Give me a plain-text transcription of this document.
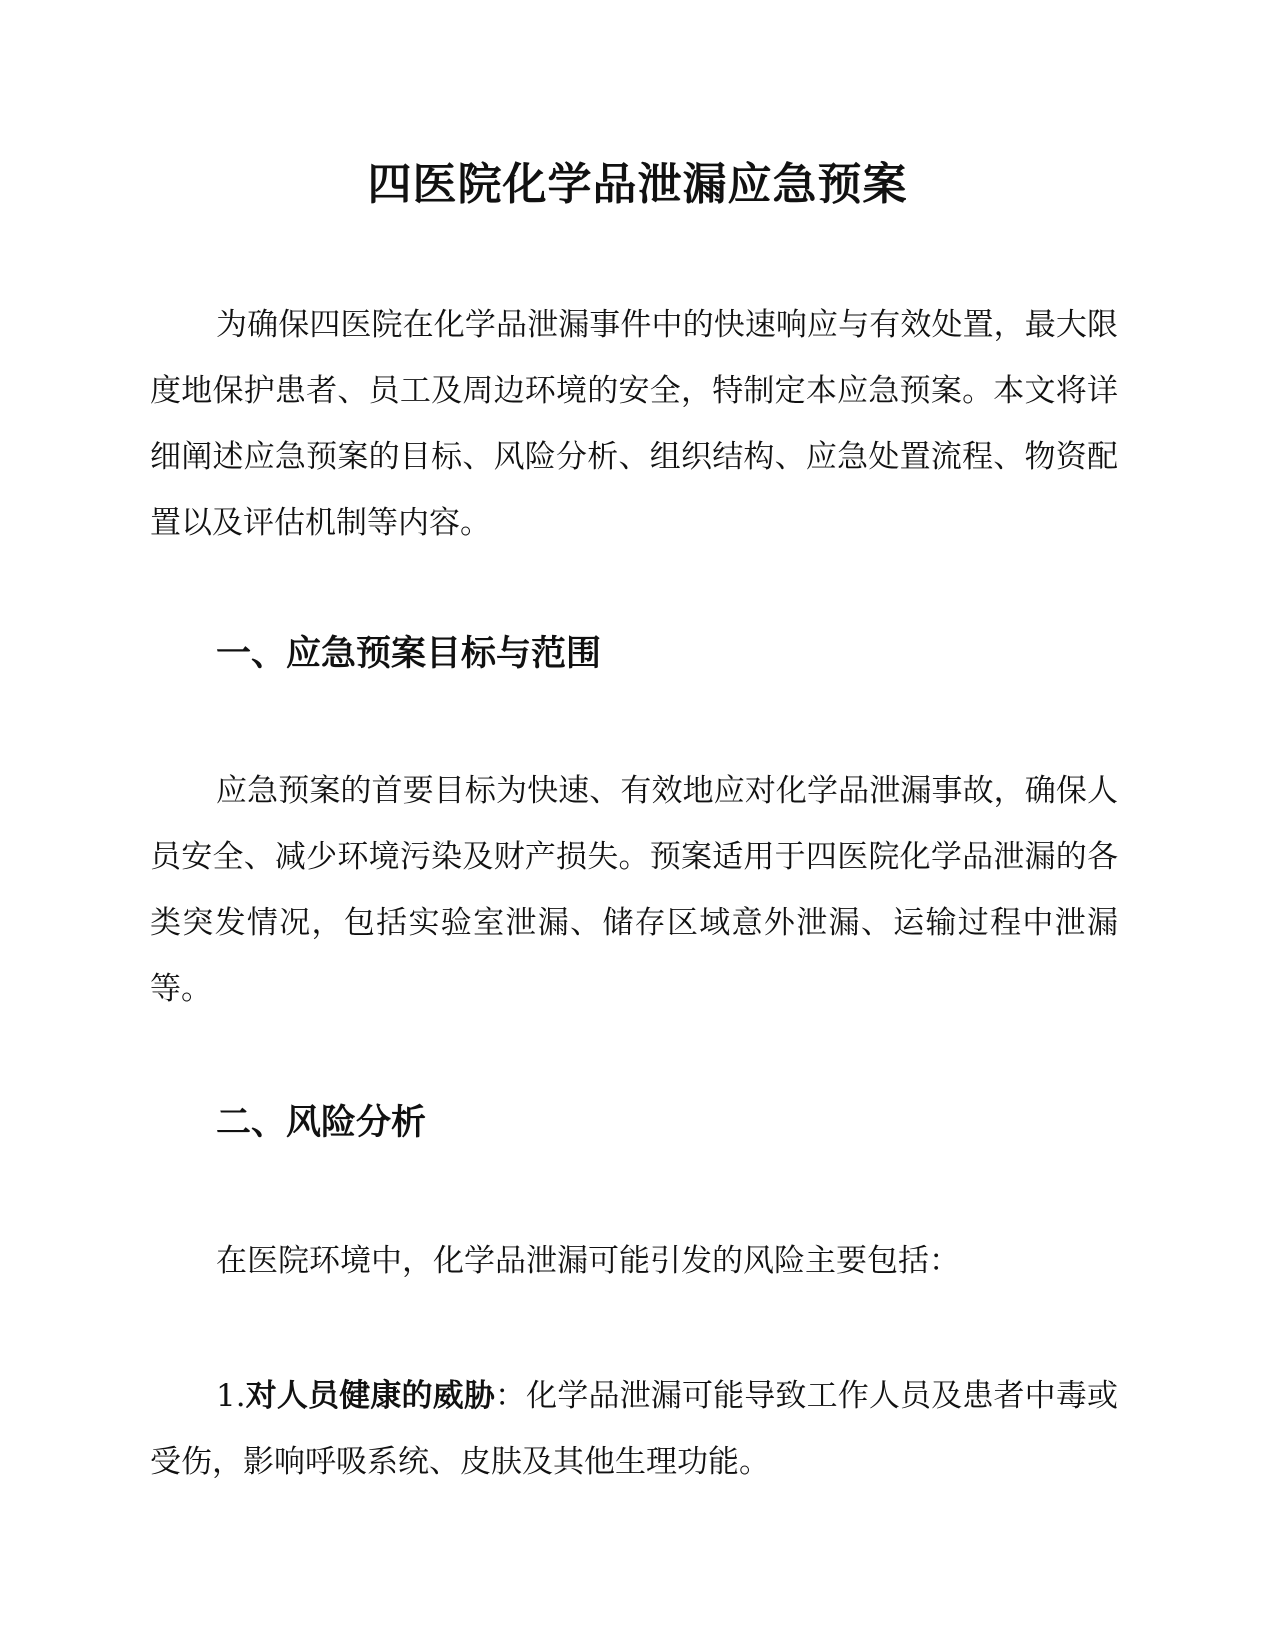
四医院化学品泄漏应急预案

为确保四医院在化学品泄漏事件中的快速响应与有效处置，最大限度地保护患者、员工及周边环境的安全，特制定本应急预案。本文将详细阐述应急预案的目标、风险分析、组织结构、应急处置流程、物资配置以及评估机制等内容。

一、应急预案目标与范围

应急预案的首要目标为快速、有效地应对化学品泄漏事故，确保人员安全、减少环境污染及财产损失。预案适用于四医院化学品泄漏的各类突发情况，包括实验室泄漏、储存区域意外泄漏、运输过程中泄漏等。

二、风险分析

在医院环境中，化学品泄漏可能引发的风险主要包括：

1.对人员健康的威胁：化学品泄漏可能导致工作人员及患者中毒或受伤，影响呼吸系统、皮肤及其他生理功能。
